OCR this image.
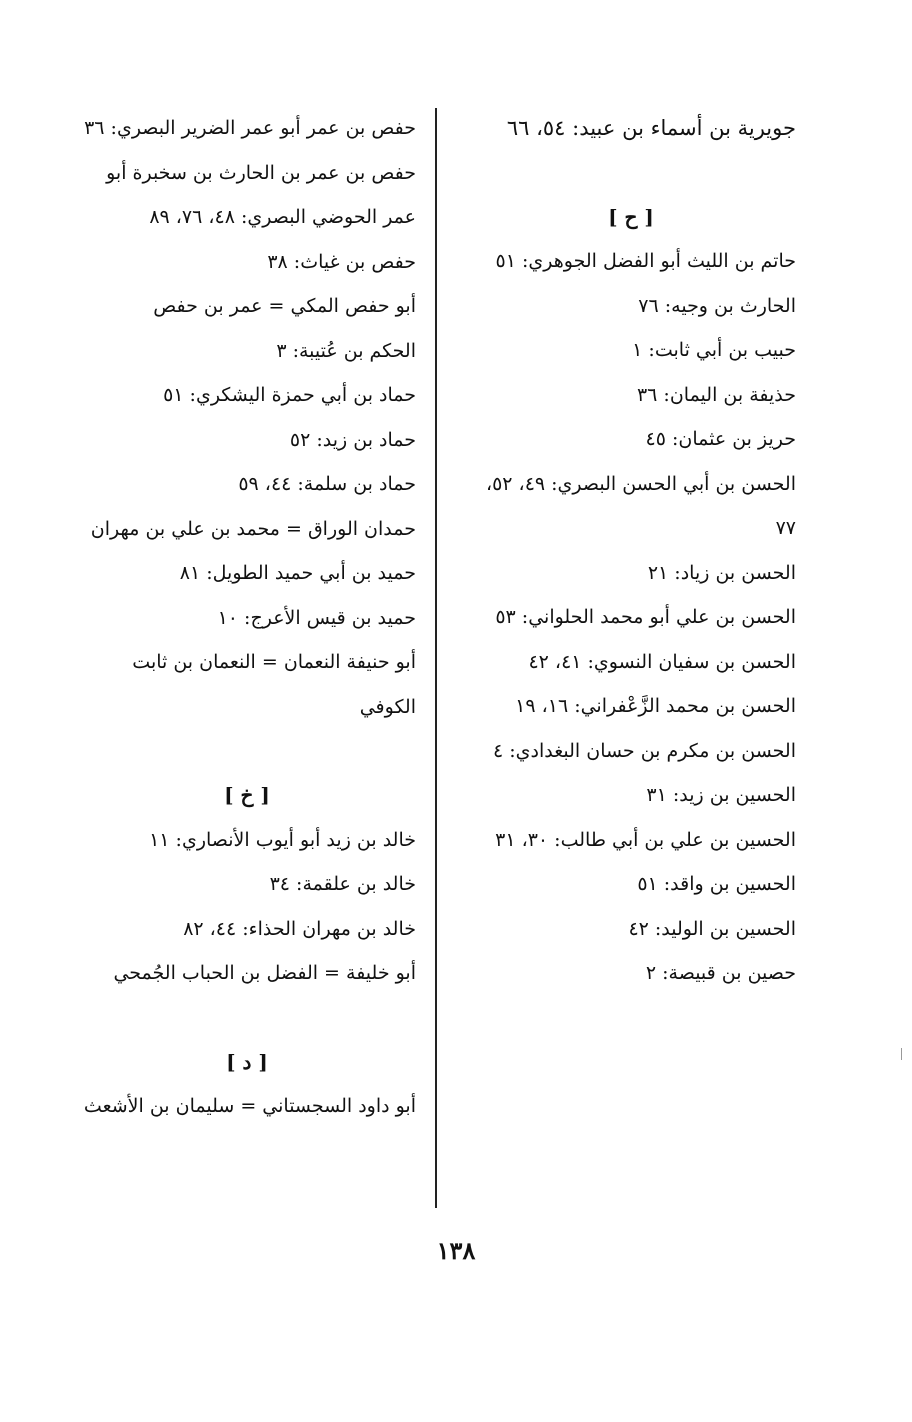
جويرية بن أسماء بن عبيد: ٥٤، ٦٦

[ ح ]

حاتم بن الليث أبو الفضل الجوهري: ٥١

الحارث بن وجيه: ٧٦

حبيب بن أبي ثابت: ١

حذيفة بن اليمان: ٣٦

حريز بن عثمان: ٤٥

الحسن بن أبي الحسن البصري: ٤٩، ٥٢، ٧٧

الحسن بن زياد: ٢١

الحسن بن علي أبو محمد الحلواني: ٥٣

الحسن بن سفيان النسوي: ٤١، ٤٢

الحسن بن محمد الزَّعْفراني: ١٦، ١٩

الحسن بن مكرم بن حسان البغدادي: ٤

الحسين بن زيد: ٣١

الحسين بن علي بن أبي طالب: ٣٠، ٣١

الحسين بن واقد: ٥١

الحسين بن الوليد: ٤٢

حصين بن قبيصة: ٢

حفص بن عمر أبو عمر الضرير البصري: ٣٦

حفص بن عمر بن الحارث بن سخبرة أبو عمر الحوضي البصري: ٤٨، ٧٦، ٨٩

حفص بن غياث: ٣٨

أبو حفص المكي = عمر بن حفص

الحكم بن عُتيبة: ٣

حماد بن أبي حمزة اليشكري: ٥١

حماد بن زيد: ٥٢

حماد بن سلمة: ٤٤، ٥٩

حمدان الوراق = محمد بن علي بن مهران

حميد بن أبي حميد الطويل: ٨١

حميد بن قيس الأعرج: ١٠

أبو حنيفة النعمان = النعمان بن ثابت الكوفي

[ خ ]

خالد بن زيد أبو أيوب الأنصاري: ١١

خالد بن علقمة: ٣٤

خالد بن مهران الحذاء: ٤٤، ٨٢

أبو خليفة = الفضل بن الحباب الجُمحي

[ د ]

أبو داود السجستاني = سليمان بن الأشعث

١٣٨
